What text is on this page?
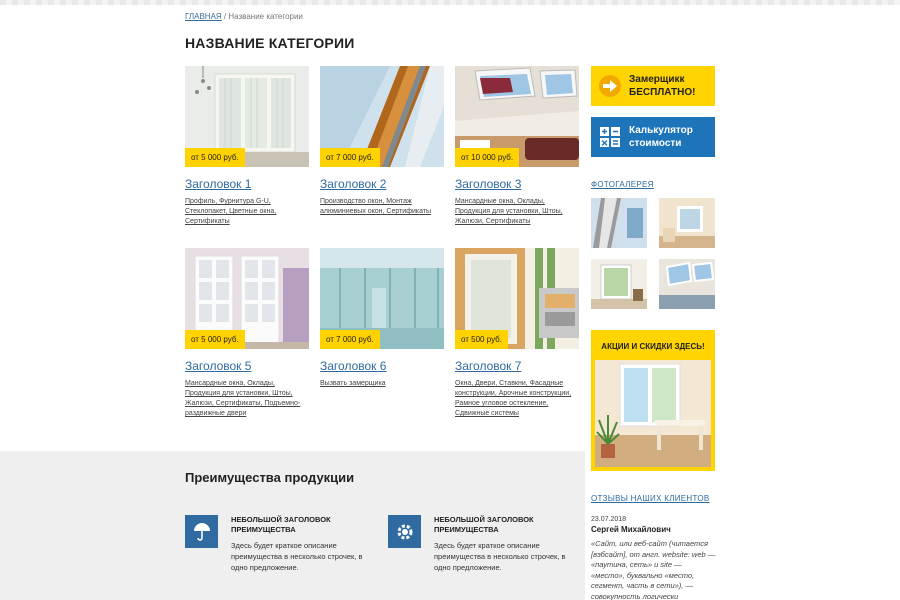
ГЛАВНАЯ / Название категории
НАЗВАНИЕ КАТЕГОРИИ
от 5 000 руб.
Заголовок 1
Профиль, Фурнитура G-U, Стеклопакет, Цветные окна, Сертификаты
от 7 000 руб.
Заголовок 2
Производство окон, Монтаж алюминиевых окон, Сертификаты
от 10 000 руб.
Заголовок 3
Мансардные окна, Оклады, Продукция для установки, Штоы, Жалюзи, Сертификаты
от 5 000 руб.
Заголовок 5
Мансардные окна, Оклады, Продукция для установки, Штоы, Жалюзи, Сертификаты, Подъемно-раздвижные двери
от 7 000 руб.
Заголовок 6
Вызвать замерщика
от 500 руб.
Заголовок 7
Окна, Двери, Ставкни, Фасадные конструкции, Арочные конструкции, Рамное угловое остекление, Сдвижные системы
Замерщикк БЕСПЛАТНО!
Калькулятор стоимости
ФОТОГАЛЕРЕЯ
АКЦИИ И СКИДКИ ЗДЕСЬ!
ОТЗЫВЫ НАШИХ КЛИЕНТОВ
23.07.2018
Сергей Михайлович
«Сайт, или веб-сайт (читается [вэбсайт], от англ. website: web — «паутина, сеть» и site — «место», буквально «место, сегмент, часть в сети»), — совокупность логически
Преимущества продукции
НЕБОЛЬШОЙ ЗАГОЛОВОК ПРЕИМУЩЕСТВА
Здесь будет краткое описание преимущества в несколько строчек, в одно предложение.
НЕБОЛЬШОЙ ЗАГОЛОВОК ПРЕИМУЩЕСТВА
Здесь будет краткое описание преимущества в несколько строчек, в одно предложение.
